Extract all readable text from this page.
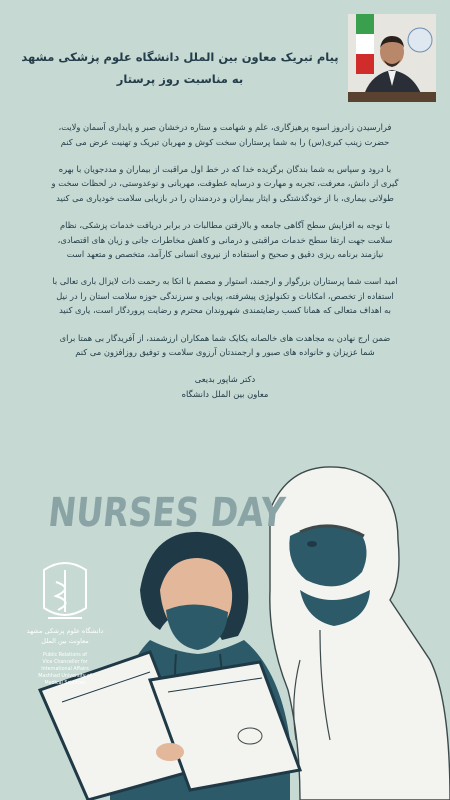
پیام تبریک معاون بین الملل دانشگاه علوم پزشکی مشهد

به مناسبت روز پرستار

فرارسیدن زادروز اسوه پرهیزگاری، علم و شهامت و ستاره درخشان صبر و پایداری آسمان ولایت،

حضرت زینب کبری(س) را به شما پرستاران سخت کوش و مهربان تبریک و تهنیت عرض می کنم

با درود و سپاس به شما بندگان برگزیده خدا که در خط اول مراقبت از بیماران و مددجویان با بهره

گیری از دانش، معرفت، تجربه و مهارت و درسایه عطوفت، مهربانی و نوعدوستی، در لحظات سخت و

طولانی بیماری، با از خودگذشتگی و ایثار بیماران و دردمندان را در بازیابی سلامت خودیاری می کنید

با توجه به افزایش سطح آگاهی جامعه و بالارفتن مطالبات در برابر دریافت خدمات پزشکی، نظام

سلامت جهت ارتقا سطح خدمات مراقبتی و درمانی و کاهش مخاطرات جانی و زیان های اقتصادی،

نیازمند برنامه ریزی دقیق و صحیح و استفاده از نیروی انسانی کارآمد، متخصص و متعهد است

امید است شما پرستاران بزرگوار و ارجمند، استوار و مصمم با اتکا به رحمت ذات لایزال باری تعالی با

استفاده از تخصص، امکانات و تکنولوژی پیشرفته، پویایی و سرزندگی حوزه سلامت استان را در نیل

به اهداف متعالی که همانا کسب رضایتمندی شهروندان محترم و رضایت پروردگار است، یاری کنید

ضمن ارج نهادن به مجاهدت های خالصانه یکایک شما همکاران ارزشمند، از آفریدگار بی همتا برای

شما عزیزان و خانواده های صبور و ارجمندتان آرزوی سلامت و توفیق روزافزون می کنم

دکتر شاپور بدیعی

معاون بین الملل دانشگاه

NURSES DAY
دانشگاه علوم پزشکی مشهد
معاونت بین الملل
Public Relations of
Vice Chancellor for
International Affairs
Mashhad University of
Medical Sciences
